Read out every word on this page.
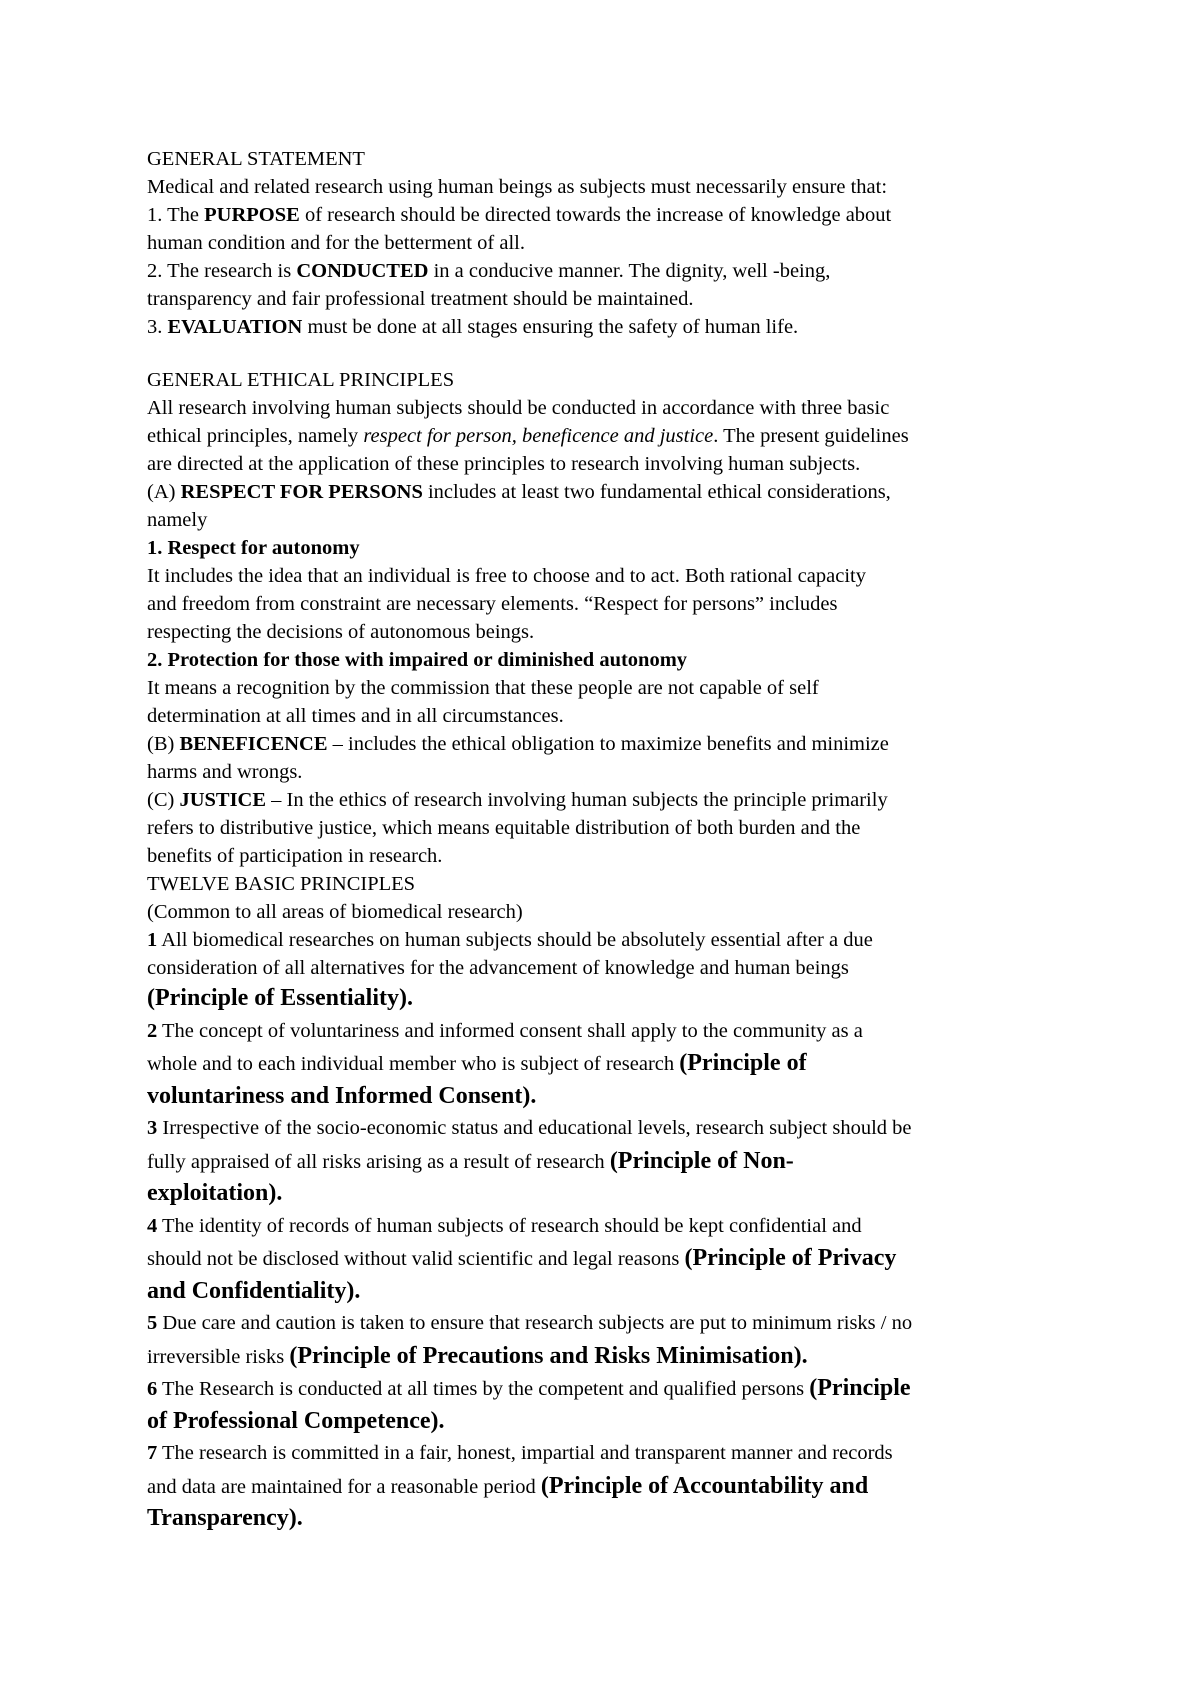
GENERAL STATEMENT
Medical and related research using human beings as subjects must necessarily ensure that:
1. The PURPOSE of research should be directed towards the increase of knowledge about
human condition and for the betterment of all.
2. The research is CONDUCTED in a conducive manner. The dignity, well -being,
transparency and fair professional treatment should be maintained.
3. EVALUATION must be done at all stages ensuring the safety of human life.
GENERAL ETHICAL PRINCIPLES
All research involving human subjects should be conducted in accordance with three basic
ethical principles, namely respect for person, beneficence and justice. The present guidelines
are directed at the application of these principles to research involving human subjects.
(A) RESPECT FOR PERSONS includes at least two fundamental ethical considerations,
namely
1. Respect for autonomy
It includes the idea that an individual is free to choose and to act. Both rational capacity
and freedom from constraint are necessary elements. “Respect for persons” includes
respecting the decisions of autonomous beings.
2. Protection for those with impaired or diminished autonomy
It means a recognition by the commission that these people are not capable of self
determination at all times and in all circumstances.
(B) BENEFICENCE – includes the ethical obligation to maximize benefits and minimize
harms and wrongs.
(C) JUSTICE – In the ethics of research involving human subjects the principle primarily
refers to distributive justice, which means equitable distribution of both burden and the
benefits of participation in research.
TWELVE BASIC PRINCIPLES
(Common to all areas of biomedical research)
1 All biomedical researches on human subjects should be absolutely essential after a due
consideration of all alternatives for the advancement of knowledge and human beings
(Principle of Essentiality).
2 The concept of voluntariness and informed consent shall apply to the community as a
whole and to each individual member who is subject of research (Principle of
voluntariness and Informed Consent).
3 Irrespective of the socio-economic status and educational levels, research subject should be
fully appraised of all risks arising as a result of research (Principle of Non-
exploitation).
4 The identity of records of human subjects of research should be kept confidential and
should not be disclosed without valid scientific and legal reasons (Principle of Privacy
and Confidentiality).
5 Due care and caution is taken to ensure that research subjects are put to minimum risks / no
irreversible risks (Principle of Precautions and Risks Minimisation).
6 The Research is conducted at all times by the competent and qualified persons (Principle
of Professional Competence).
7 The research is committed in a fair, honest, impartial and transparent manner and records
and data are maintained for a reasonable period (Principle of Accountability and
Transparency).
